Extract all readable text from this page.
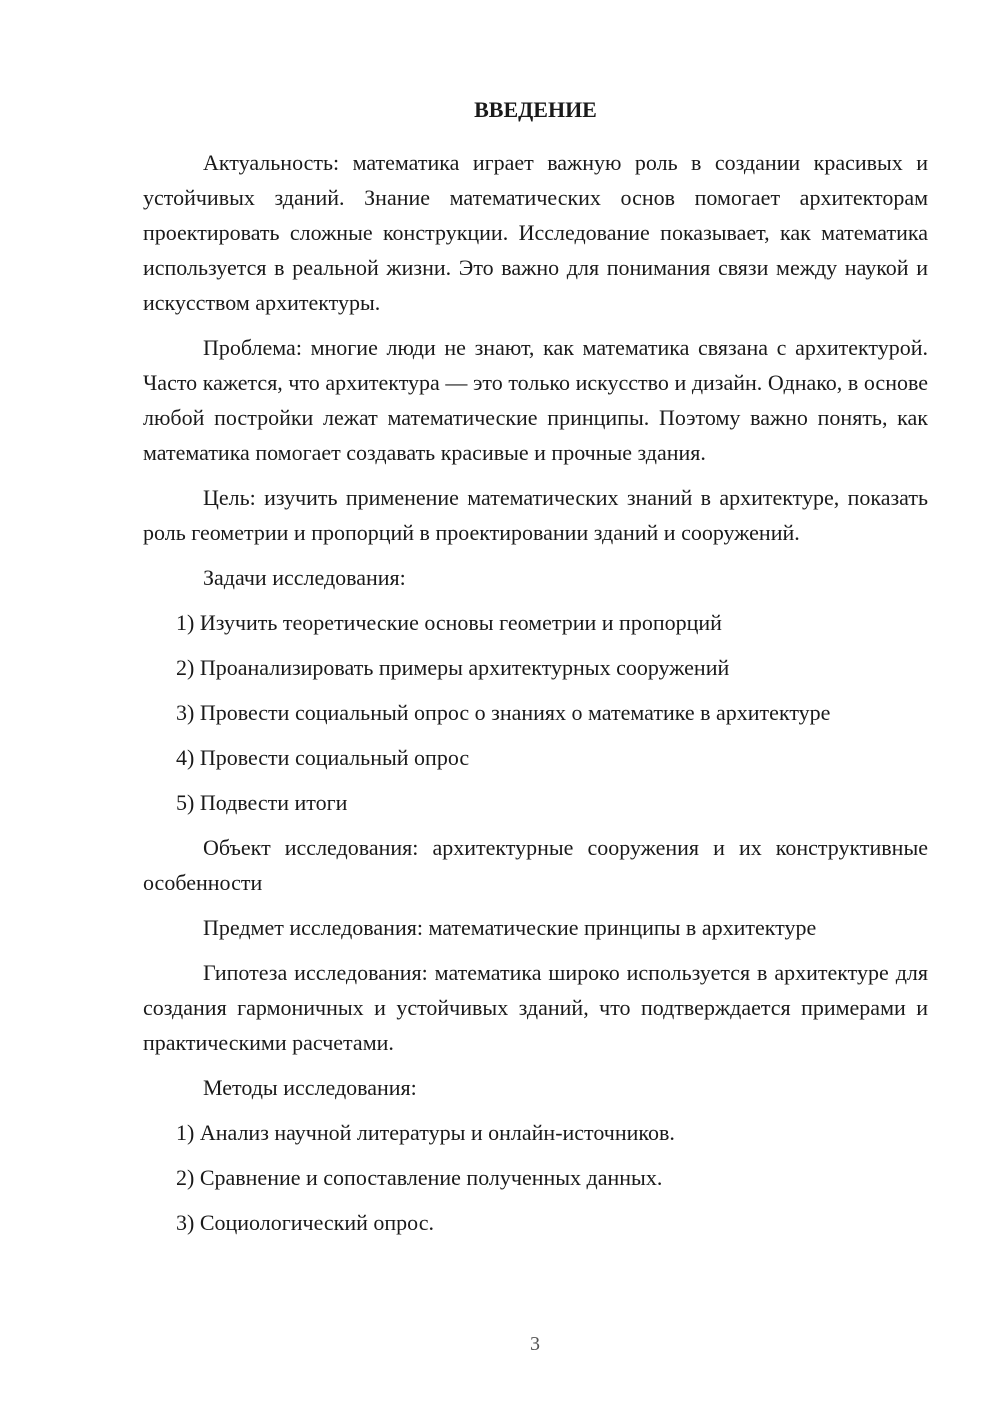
ВВЕДЕНИЕ

Актуальность: математика играет важную роль в создании красивых и устойчивых зданий. Знание математических основ помогает архитекторам проектировать сложные конструкции. Исследование показывает, как математика используется в реальной жизни. Это важно для понимания связи между наукой и искусством архитектуры.

Проблема: многие люди не знают, как математика связана с архитектурой. Часто кажется, что архитектура — это только искусство и дизайн. Однако, в основе любой постройки лежат математические принципы. Поэтому важно понять, как математика помогает создавать красивые и прочные здания.

Цель: изучить применение математических знаний в архитектуре, показать роль геометрии и пропорций в проектировании зданий и сооружений.

Задачи исследования:

1) Изучить теоретические основы геометрии и пропорций
2) Проанализировать примеры архитектурных сооружений
3) Провести социальный опрос о знаниях о математике в архитектуре
4) Провести социальный опрос
5) Подвести итоги

Объект исследования: архитектурные сооружения и их конструктивные особенности

Предмет исследования: математические принципы в архитектуре

Гипотеза исследования: математика широко используется в архитектуре для создания гармоничных и устойчивых зданий, что подтверждается примерами и практическими расчетами.

Методы исследования:

1) Анализ научной литературы и онлайн-источников.
2) Сравнение и сопоставление полученных данных.
3) Социологический опрос.
3
